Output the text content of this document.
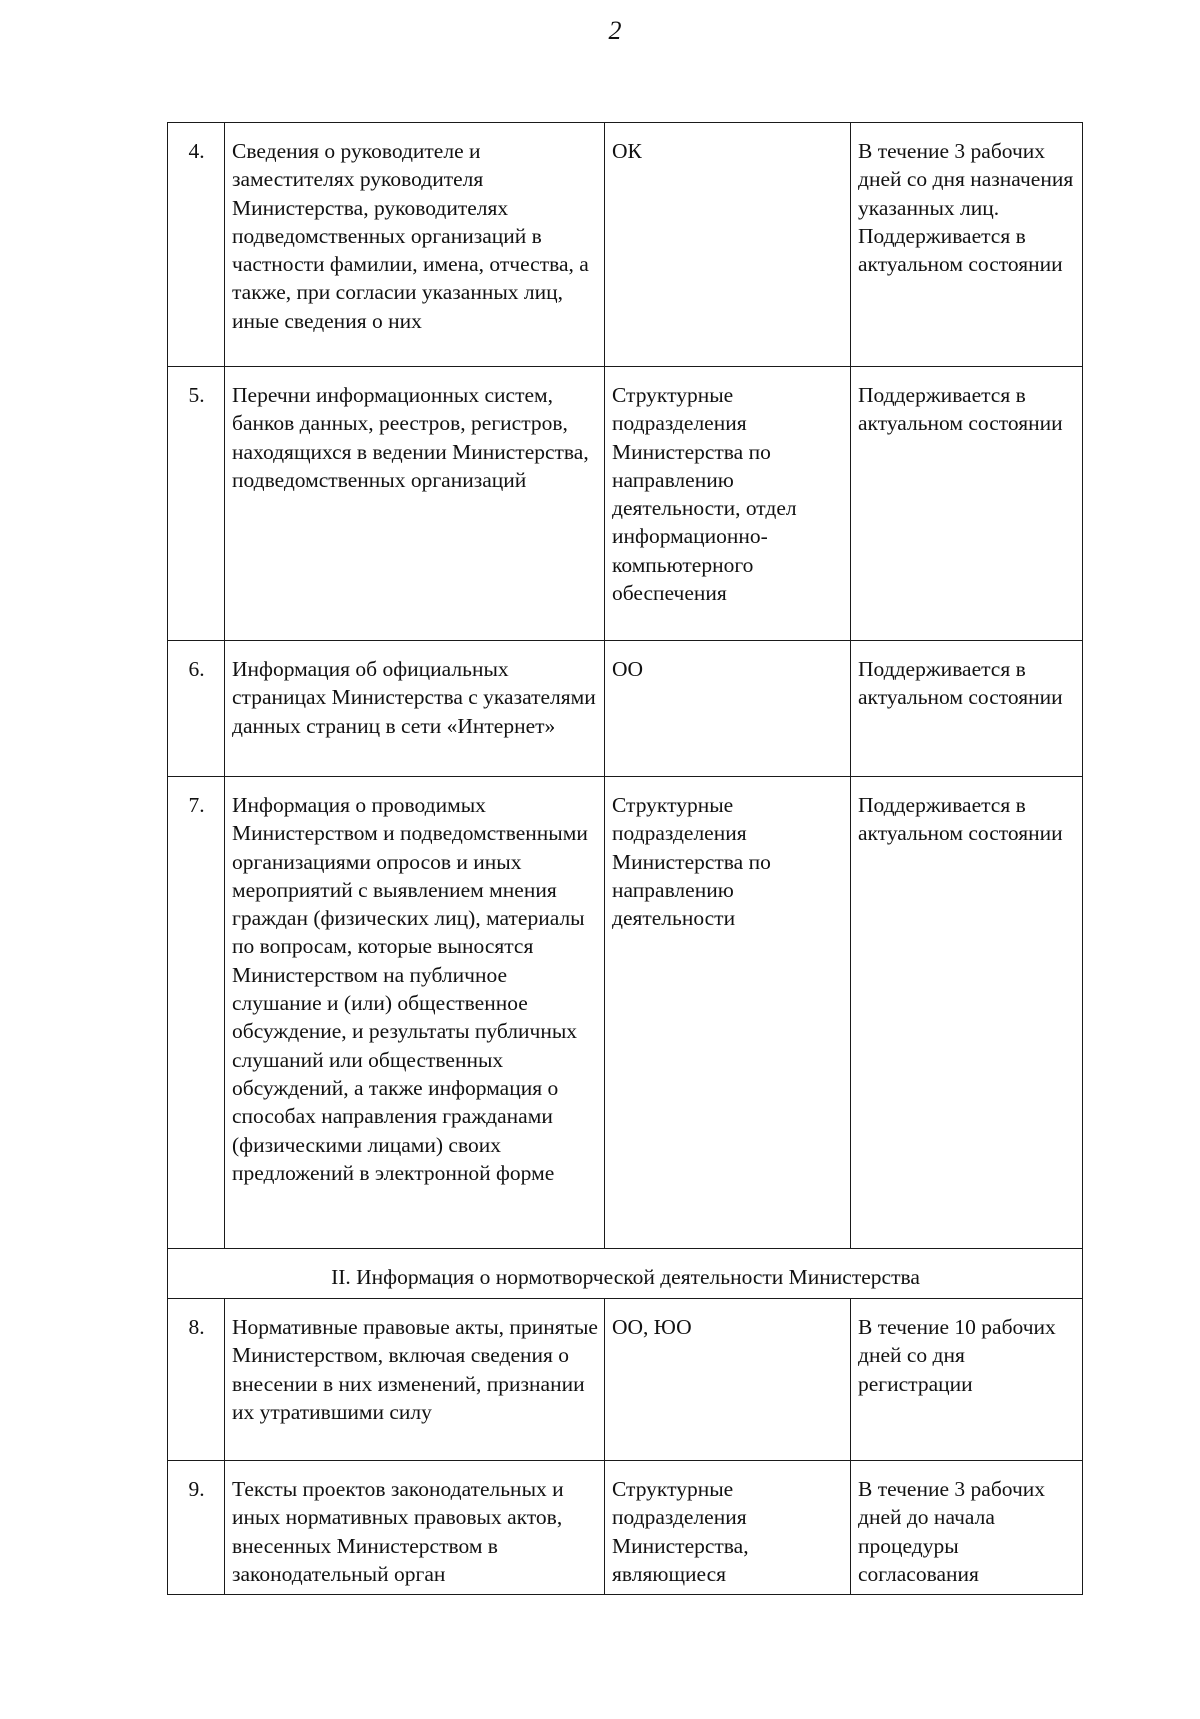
2
4.	Сведения о руководителе и заместителях руководителя Министерства, руководителях подведомственных организаций в частности фамилии, имена, отчества, а также, при согласии указанных лиц, иные сведения о них	ОК	В течение 3 рабочих дней со дня назначения указанных лиц. Поддерживается в актуальном состоянии
5.	Перечни информационных систем, банков данных, реестров, регистров, находящихся в ведении Министерства, подведомственных организаций	Структурные подразделения Министерства по направлению деятельности, отдел информационно-компьютерного обеспечения	Поддерживается в актуальном состоянии
6.	Информация об официальных страницах Министерства с указателями данных страниц в сети «Интернет»	ОО	Поддерживается в актуальном состоянии
7.	Информация о проводимых Министерством и подведомственными организациями опросов и иных мероприятий с выявлением мнения граждан (физических лиц), материалы по вопросам, которые выносятся Министерством на публичное слушание и (или) общественное обсуждение, и результаты публичных слушаний или общественных обсуждений, а также информация о способах направления гражданами (физическими лицами) своих предложений в электронной форме	Структурные подразделения Министерства по направлению деятельности	Поддерживается в актуальном состоянии
II. Информация о нормотворческой деятельности Министерства			
8.	Нормативные правовые акты, принятые Министерством, включая сведения о внесении в них изменений, признании их утратившими силу	ОО, ЮО	В течение 10 рабочих дней со дня регистрации
9.	Тексты проектов законодательных и иных нормативных правовых актов, внесенных Министерством в законодательный орган	Структурные подразделения Министерства, являющиеся	В течение 3 рабочих дней до начала процедуры согласования
